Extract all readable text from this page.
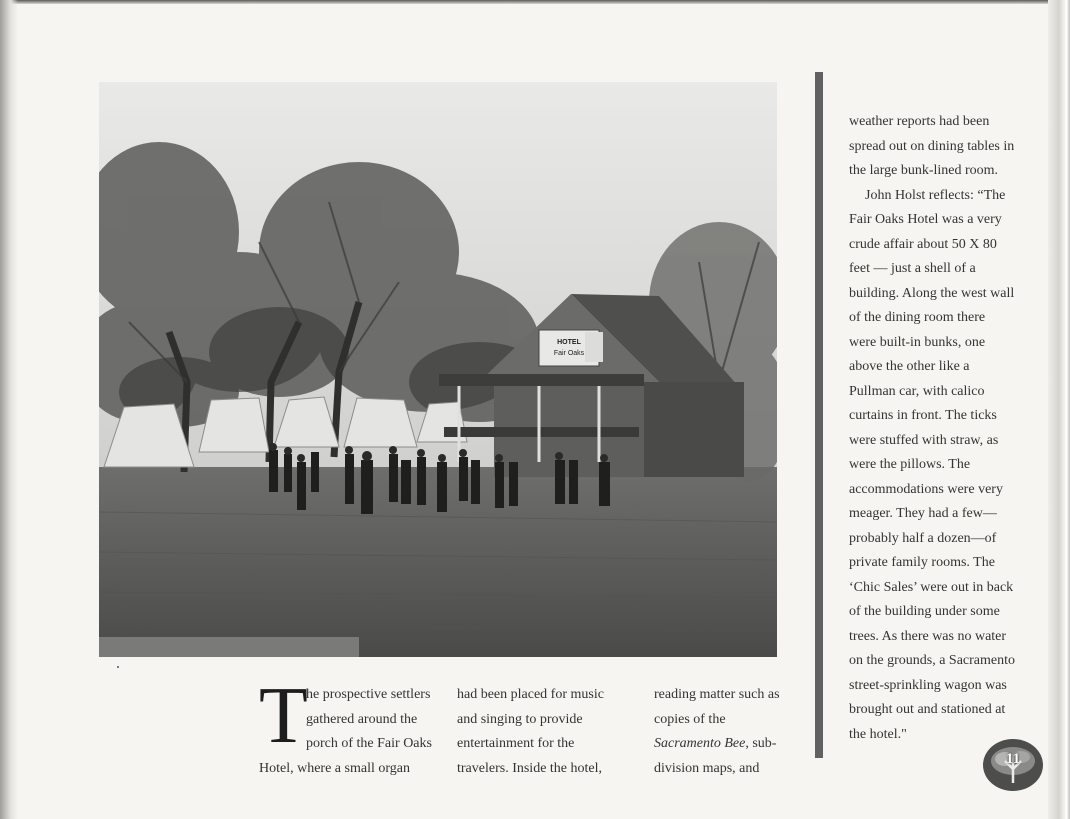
HOTEL
Fair Oaks
T
he prospective settlers
gathered around the
porch of the Fair Oaks
Hotel, where a small organ
had been placed for music
and singing to provide
entertainment for the
travelers. Inside the hotel,
reading matter such as
copies of the
Sacramento Bee, sub-
division maps, and
weather reports had been
spread out on dining tables in
the large bunk-lined room.
John Holst reflects: “The
Fair Oaks Hotel was a very
crude affair about 50 X 80
feet — just a shell of a
building. Along the west wall
of the dining room there
were built-in bunks, one
above the other like a
Pullman car, with calico
curtains in front. The ticks
were stuffed with straw, as
were the pillows. The
accommodations were very
meager. They had a few—
probably half a dozen—of
private family rooms. The
‘Chic Sales’ were out in back
of the building under some
trees. As there was no water
on the grounds, a Sacramento
street-sprinkling wagon was
brought out and stationed at
the hotel."
11
